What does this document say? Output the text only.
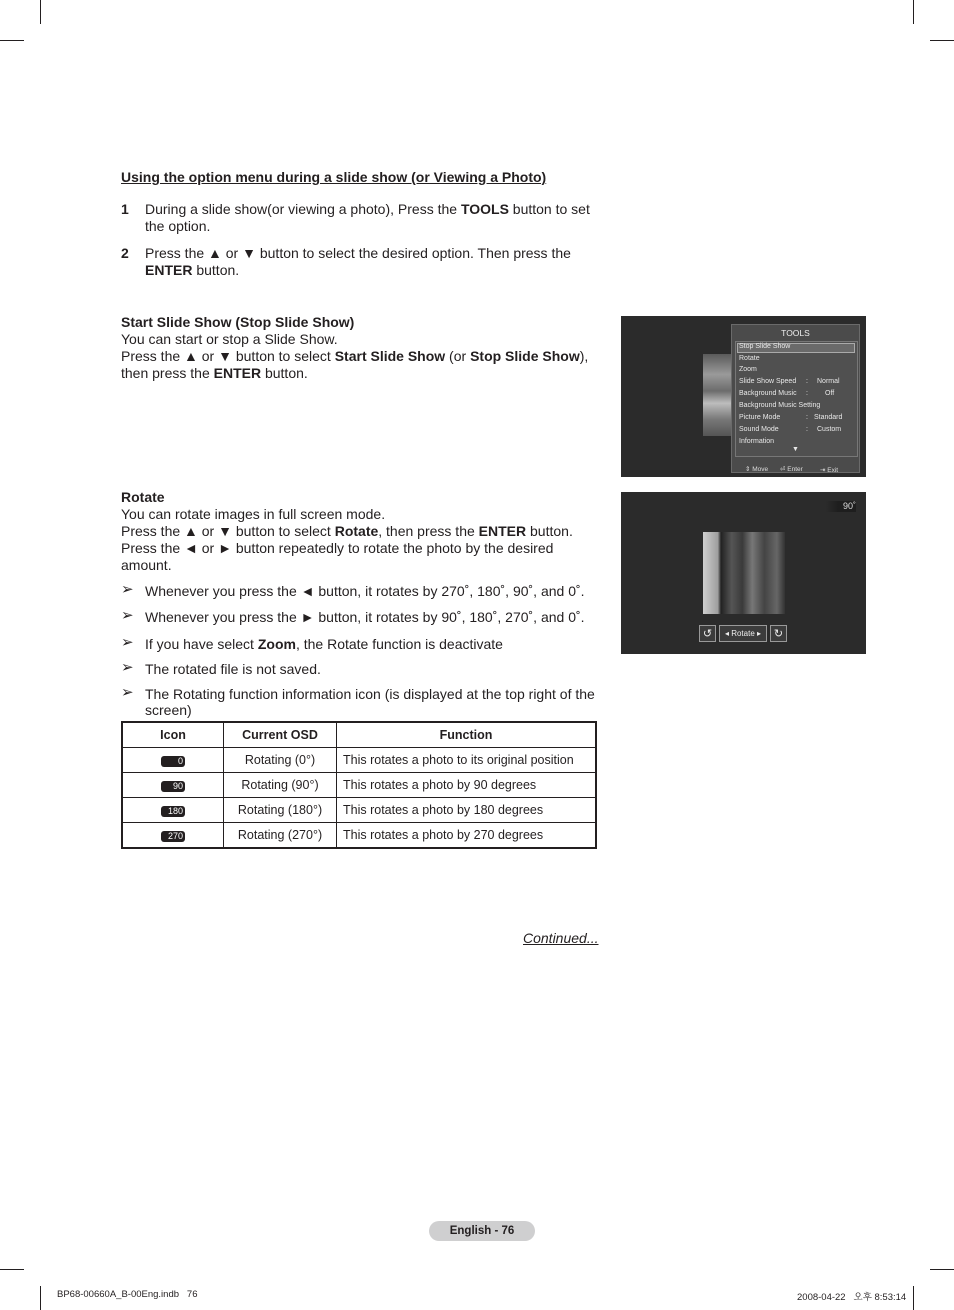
Using the option menu during a slide show (or Viewing a Photo)
1 During a slide show(or viewing a photo), Press the TOOLS button to set the option.
2 Press the ▲ or ▼ button to select the desired option. Then press the ENTER button.
Start Slide Show (Stop Slide Show)
You can start or stop a Slide Show.
Press the ▲ or ▼ button to select Start Slide Show (or Stop Slide Show),
then press the ENTER button.
TOOLS
Stop Slide Show
Rotate
Zoom
Slide Show Speed : Normal
Background Music : Off
Background Music Setting
Picture Mode	: Standard
Sound Mode	: Custom
Information
▼
⇕ Move ⏎ Enter	⇥ Exit
Rotate
You can rotate images in full screen mode.
Press the ▲ or ▼ button to select Rotate, then press the ENTER button.
Press the ◄ or ► button repeatedly to rotate the photo by the desired amount.
➢ Whenever you press the ◄ button, it rotates by 270˚, 180˚, 90˚, and 0˚.
➢ Whenever you press the ► button, it rotates by 90˚, 180˚, 270˚, and 0˚.
➢ If you have select Zoom, the Rotate function is deactivate
➢ The rotated file is not saved.
➢ The Rotating function information icon (is displayed at the top right of the screen)
90˚
↺	◂ Rotate ▸	↻
Icon	Current OSD	Function
0	Rotating (0°)	This rotates a photo to its original position
90	Rotating (90°)	This rotates a photo by 90 degrees
180	Rotating (180°)	This rotates a photo by 180 degrees
270	Rotating (270°)	This rotates a photo by 270 degrees
Continued...
English - 76
BP68-00660A_B-00Eng.indb   76	2008-04-22   오후 8:53:14
